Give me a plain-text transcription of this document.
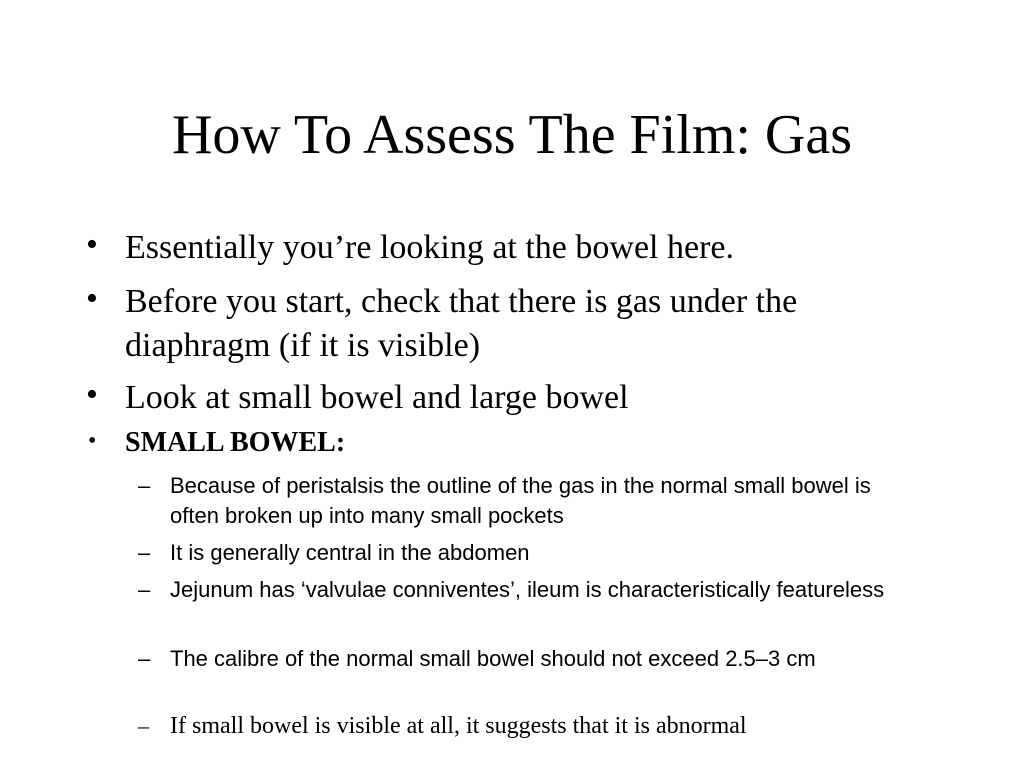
How To Assess The Film: Gas
• Essentially you’re looking at the bowel here.
• Before you start, check that there is gas under the diaphragm (if it is visible)
• Look at small bowel and large bowel
• SMALL BOWEL:
– Because of peristalsis the outline of the gas in the normal small bowel is often broken up into many small pockets
– It is generally central in the abdomen
– Jejunum has ‘valvulae conniventes’, ileum is characteristically featureless
– The calibre of the normal small bowel should not exceed 2.5–3 cm
– If small bowel is visible at all, it suggests that it is abnormal
